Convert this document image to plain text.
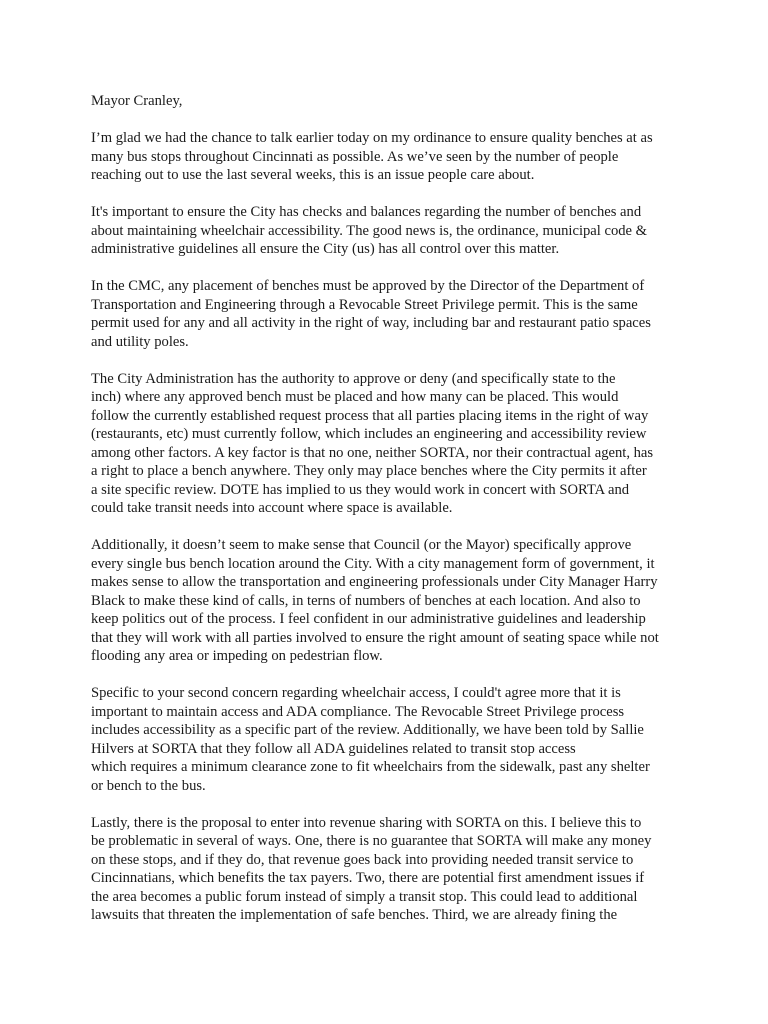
Mayor Cranley,
I’m glad we had the chance to talk earlier today on my ordinance to ensure quality benches at as
many bus stops throughout Cincinnati as possible. As we’ve seen by the number of people
reaching out to use the last several weeks, this is an issue people care about.
It's important to ensure the City has checks and balances regarding the number of benches and
about maintaining wheelchair accessibility. The good news is, the ordinance, municipal code &
administrative guidelines all ensure the City (us) has all control over this matter.
In the CMC, any placement of benches must be approved by the Director of the Department of
Transportation and Engineering through a Revocable Street Privilege permit. This is the same
permit used for any and all activity in the right of way, including bar and restaurant patio spaces
and utility poles.
The City Administration has the authority to approve or deny (and specifically state to the
inch) where any approved bench must be placed and how many can be placed. This would
follow the currently established request process that all parties placing items in the right of way
(restaurants, etc) must currently follow, which includes an engineering and accessibility review
among other factors. A key factor is that no one, neither SORTA, nor their contractual agent, has
a right to place a bench anywhere. They only may place benches where the City permits it after
a site specific review. DOTE has implied to us they would work in concert with SORTA and
could take transit needs into account where space is available.
Additionally, it doesn’t seem to make sense that Council (or the Mayor) specifically approve
every single bus bench location around the City. With a city management form of government, it
makes sense to allow the transportation and engineering professionals under City Manager Harry
Black to make these kind of calls, in terns of numbers of benches at each location. And also to
keep politics out of the process. I feel confident in our administrative guidelines and leadership
that they will work with all parties involved to ensure the right amount of seating space while not
flooding any area or impeding on pedestrian flow.
Specific to your second concern regarding wheelchair access, I could't agree more that it is
important to maintain access and ADA compliance. The Revocable Street Privilege process
includes accessibility as a specific part of the review. Additionally, we have been told by Sallie
Hilvers at SORTA that they follow all ADA guidelines related to transit stop access
which requires a minimum clearance zone to fit wheelchairs from the sidewalk, past any shelter
or bench to the bus.
Lastly, there is the proposal to enter into revenue sharing with SORTA on this. I believe this to
be problematic in several of ways. One, there is no guarantee that SORTA will make any money
on these stops, and if they do, that revenue goes back into providing needed transit service to
Cincinnatians, which benefits the tax payers. Two, there are potential first amendment issues if
the area becomes a public forum instead of simply a transit stop. This could lead to additional
lawsuits that threaten the implementation of safe benches. Third, we are already fining the
